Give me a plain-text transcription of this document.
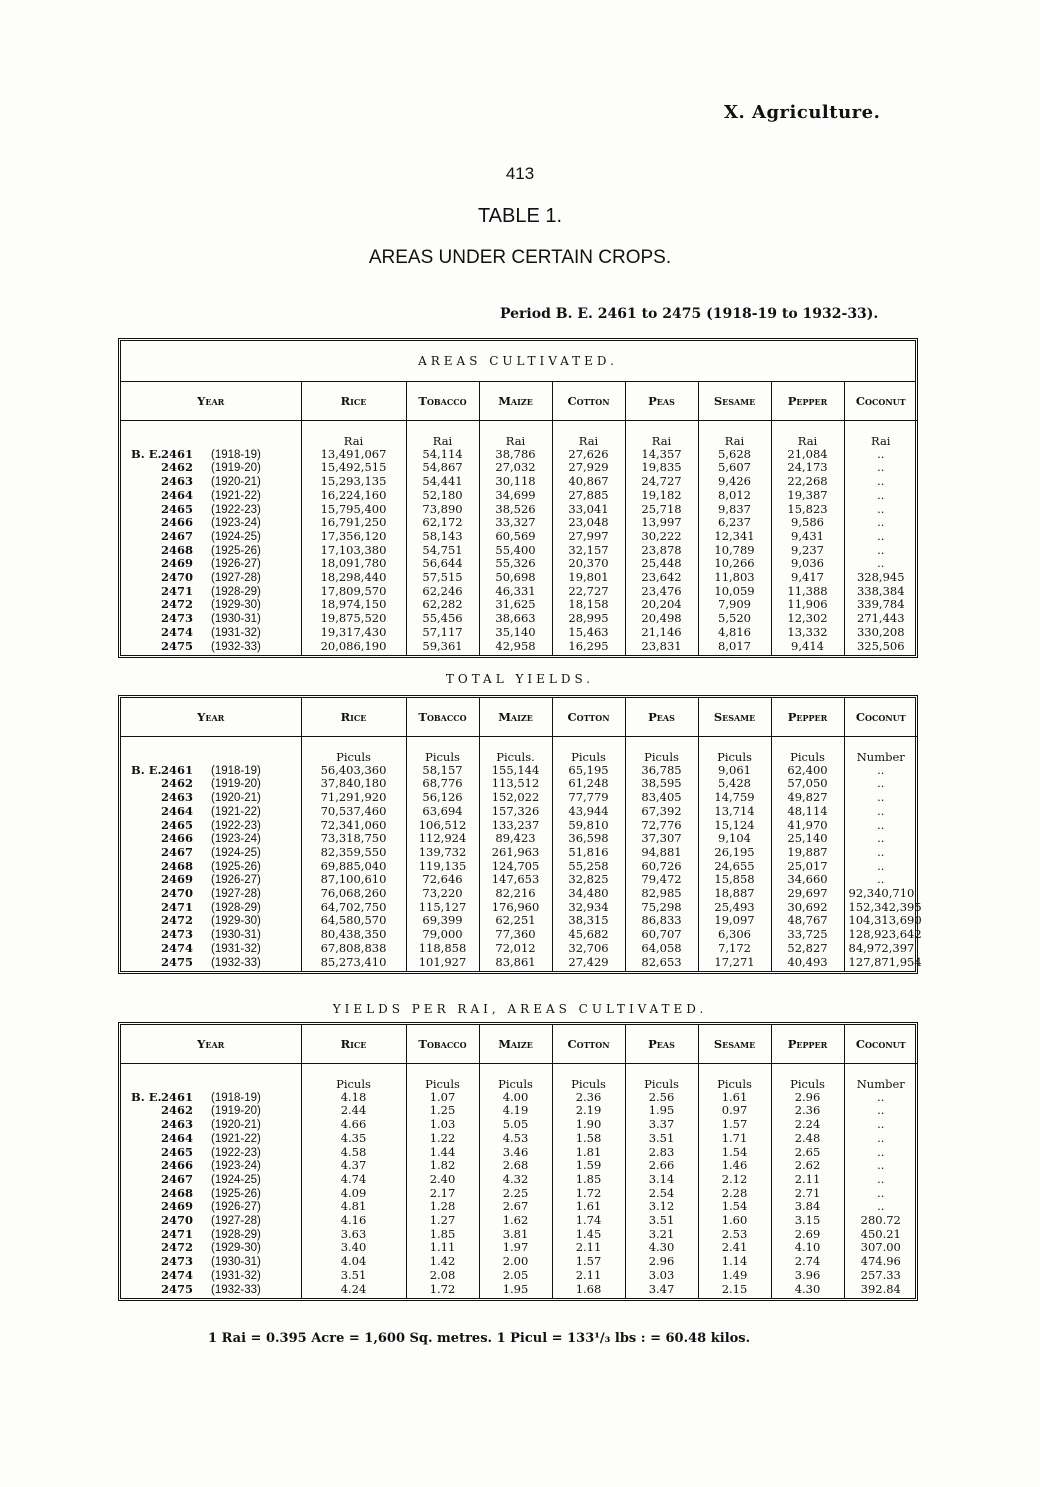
X. Agriculture.
413
TABLE 1.
AREAS UNDER CERTAIN CROPS.
Period B. E. 2461 to 2475 (1918-19 to 1932-33).
AREAS CULTIVATED.
Year	Rice	Tobacco	Maize	Cotton	Peas	Sesame	Pepper	Coconut
	Rai	Rai	Rai	Rai	Rai	Rai	Rai	Rai
B. E.2461 (1918-19)	13,491,067	54,114	38,786	27,626	14,357	5,628	21,084	..
2462 (1919-20)	15,492,515	54,867	27,032	27,929	19,835	5,607	24,173	..
2463 (1920-21)	15,293,135	54,441	30,118	40,867	24,727	9,426	22,268	..
2464 (1921-22)	16,224,160	52,180	34,699	27,885	19,182	8,012	19,387	..
2465 (1922-23)	15,795,400	73,890	38,526	33,041	25,718	9,837	15,823	..
2466 (1923-24)	16,791,250	62,172	33,327	23,048	13,997	6,237	9,586	..
2467 (1924-25)	17,356,120	58,143	60,569	27,997	30,222	12,341	9,431	..
2468 (1925-26)	17,103,380	54,751	55,400	32,157	23,878	10,789	9,237	..
2469 (1926-27)	18,091,780	56,644	55,326	20,370	25,448	10,266	9,036	..
2470 (1927-28)	18,298,440	57,515	50,698	19,801	23,642	11,803	9,417	328,945
2471 (1928-29)	17,809,570	62,246	46,331	22,727	23,476	10,059	11,388	338,384
2472 (1929-30)	18,974,150	62,282	31,625	18,158	20,204	7,909	11,906	339,784
2473 (1930-31)	19,875,520	55,456	38,663	28,995	20,498	5,520	12,302	271,443
2474 (1931-32)	19,317,430	57,117	35,140	15,463	21,146	4,816	13,332	330,208
2475 (1932-33)	20,086,190	59,361	42,958	16,295	23,831	8,017	9,414	325,506
TOTAL YIELDS.
Year	Rice	Tobacco	Maize	Cotton	Peas	Sesame	Pepper	Coconut
	Piculs	Piculs	Piculs.	Piculs	Piculs	Piculs	Piculs	Number
B. E.2461 (1918-19)	56,403,360	58,157	155,144	65,195	36,785	9,061	62,400	..
2462 (1919-20)	37,840,180	68,776	113,512	61,248	38,595	5,428	57,050	..
2463 (1920-21)	71,291,920	56,126	152,022	77,779	83,405	14,759	49,827	..
2464 (1921-22)	70,537,460	63,694	157,326	43,944	67,392	13,714	48,114	..
2465 (1922-23)	72,341,060	106,512	133,237	59,810	72,776	15,124	41,970	..
2466 (1923-24)	73,318,750	112,924	89,423	36,598	37,307	9,104	25,140	..
2467 (1924-25)	82,359,550	139,732	261,963	51,816	94,881	26,195	19,887	..
2468 (1925-26)	69,885,040	119,135	124,705	55,258	60,726	24,655	25,017	..
2469 (1926-27)	87,100,610	72,646	147,653	32,825	79,472	15,858	34,660	..
2470 (1927-28)	76,068,260	73,220	82,216	34,480	82,985	18,887	29,697	92,340,710
2471 (1928-29)	64,702,750	115,127	176,960	32,934	75,298	25,493	30,692	152,342,395
2472 (1929-30)	64,580,570	69,399	62,251	38,315	86,833	19,097	48,767	104,313,690
2473 (1930-31)	80,438,350	79,000	77,360	45,682	60,707	6,306	33,725	128,923,642
2474 (1931-32)	67,808,838	118,858	72,012	32,706	64,058	7,172	52,827	84,972,397
2475 (1932-33)	85,273,410	101,927	83,861	27,429	82,653	17,271	40,493	127,871,954
YIELDS PER RAI, AREAS CULTIVATED.
Year	Rice	Tobacco	Maize	Cotton	Peas	Sesame	Pepper	Coconut
	Piculs	Piculs	Piculs	Piculs	Piculs	Piculs	Piculs	Number
B. E.2461 (1918-19)	4.18	1.07	4.00	2.36	2.56	1.61	2.96	..
2462 (1919-20)	2.44	1.25	4.19	2.19	1.95	0.97	2.36	..
2463 (1920-21)	4.66	1.03	5.05	1.90	3.37	1.57	2.24	..
2464 (1921-22)	4.35	1.22	4.53	1.58	3.51	1.71	2.48	..
2465 (1922-23)	4.58	1.44	3.46	1.81	2.83	1.54	2.65	..
2466 (1923-24)	4.37	1.82	2.68	1.59	2.66	1.46	2.62	..
2467 (1924-25)	4.74	2.40	4.32	1.85	3.14	2.12	2.11	..
2468 (1925-26)	4.09	2.17	2.25	1.72	2.54	2.28	2.71	..
2469 (1926-27)	4.81	1.28	2.67	1.61	3.12	1.54	3.84	..
2470 (1927-28)	4.16	1.27	1.62	1.74	3.51	1.60	3.15	280.72
2471 (1928-29)	3.63	1.85	3.81	1.45	3.21	2.53	2.69	450.21
2472 (1929-30)	3.40	1.11	1.97	2.11	4.30	2.41	4.10	307.00
2473 (1930-31)	4.04	1.42	2.00	1.57	2.96	1.14	2.74	474.96
2474 (1931-32)	3.51	2.08	2.05	2.11	3.03	1.49	3.96	257.33
2475 (1932-33)	4.24	1.72	1.95	1.68	3.47	2.15	4.30	392.84
1 Rai = 0.395 Acre = 1,600 Sq. metres. 1 Picul = 133¹/₃ lbs : = 60.48 kilos.
